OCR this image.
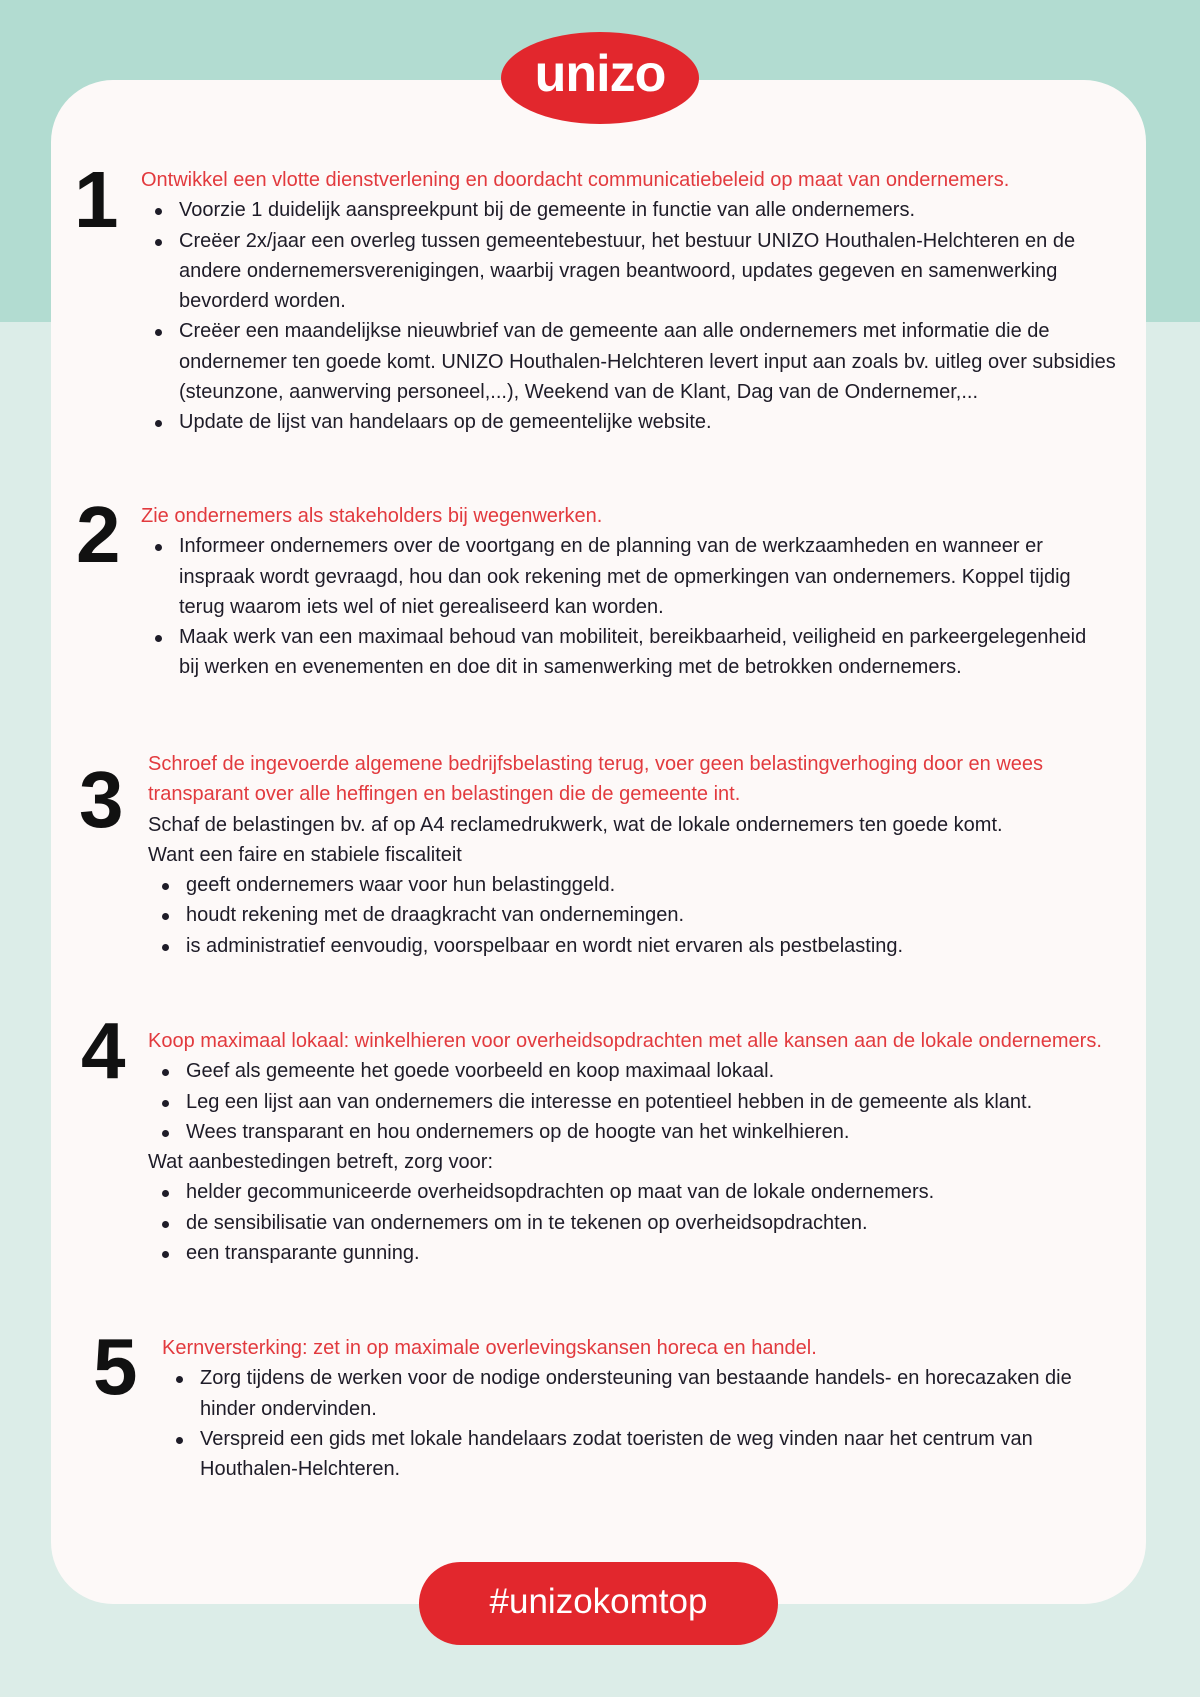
1 Ontwikkel een vlotte dienstverlening en doordacht communicatiebeleid op maat van ondernemers.
Voorzie 1 duidelijk aanspreekpunt bij de gemeente in functie van alle ondernemers.
Creëer 2x/jaar een overleg tussen gemeentebestuur, het bestuur UNIZO Houthalen-Helchteren en de
andere ondernemersverenigingen, waarbij vragen beantwoord, updates gegeven en samenwerking
bevorderd worden.
Creëer een maandelijkse nieuwbrief van de gemeente aan alle ondernemers met informatie die de
ondernemer ten goede komt. UNIZO Houthalen-Helchteren levert input aan zoals bv. uitleg over subsidies
(steunzone, aanwerving personeel,...), Weekend van de Klant, Dag van de Ondernemer,...
Update de lijst van handelaars op de gemeentelijke website.
2 Zie ondernemers als stakeholders bij wegenwerken.
Informeer ondernemers over de voortgang en de planning van de werkzaamheden en wanneer er
inspraak wordt gevraagd, hou dan ook rekening met de opmerkingen van ondernemers. Koppel tijdig
terug waarom iets wel of niet gerealiseerd kan worden.
Maak werk van een maximaal behoud van mobiliteit, bereikbaarheid, veiligheid en parkeergelegenheid
bij werken en evenementen en doe dit in samenwerking met de betrokken ondernemers.
3 Schroef de ingevoerde algemene bedrijfsbelasting terug, voer geen belastingverhoging door en wees
transparant over alle heffingen en belastingen die de gemeente int.
Schaf de belastingen bv. af op A4 reclamedrukwerk, wat de lokale ondernemers ten goede komt.
Want een faire en stabiele fiscaliteit
geeft ondernemers waar voor hun belastinggeld.
houdt rekening met de draagkracht van ondernemingen.
is administratief eenvoudig, voorspelbaar en wordt niet ervaren als pestbelasting.
4 Koop maximaal lokaal: winkelhieren voor overheidsopdrachten met alle kansen aan de lokale ondernemers.
Geef als gemeente het goede voorbeeld en koop maximaal lokaal.
Leg een lijst aan van ondernemers die interesse en potentieel hebben in de gemeente als klant.
Wees transparant en hou ondernemers op de hoogte van het winkelhieren.
Wat aanbestedingen betreft, zorg voor:
helder gecommuniceerde overheidsopdrachten op maat van de lokale ondernemers.
de sensibilisatie van ondernemers om in te tekenen op overheidsopdrachten.
een transparante gunning.
5 Kernversterking: zet in op maximale overlevingskansen horeca en handel.
Zorg tijdens de werken voor de nodige ondersteuning van bestaande handels- en horecazaken die
hinder ondervinden.
Verspreid een gids met lokale handelaars zodat toeristen de weg vinden naar het centrum van
Houthalen-Helchteren.
unizo
#unizokomtop
